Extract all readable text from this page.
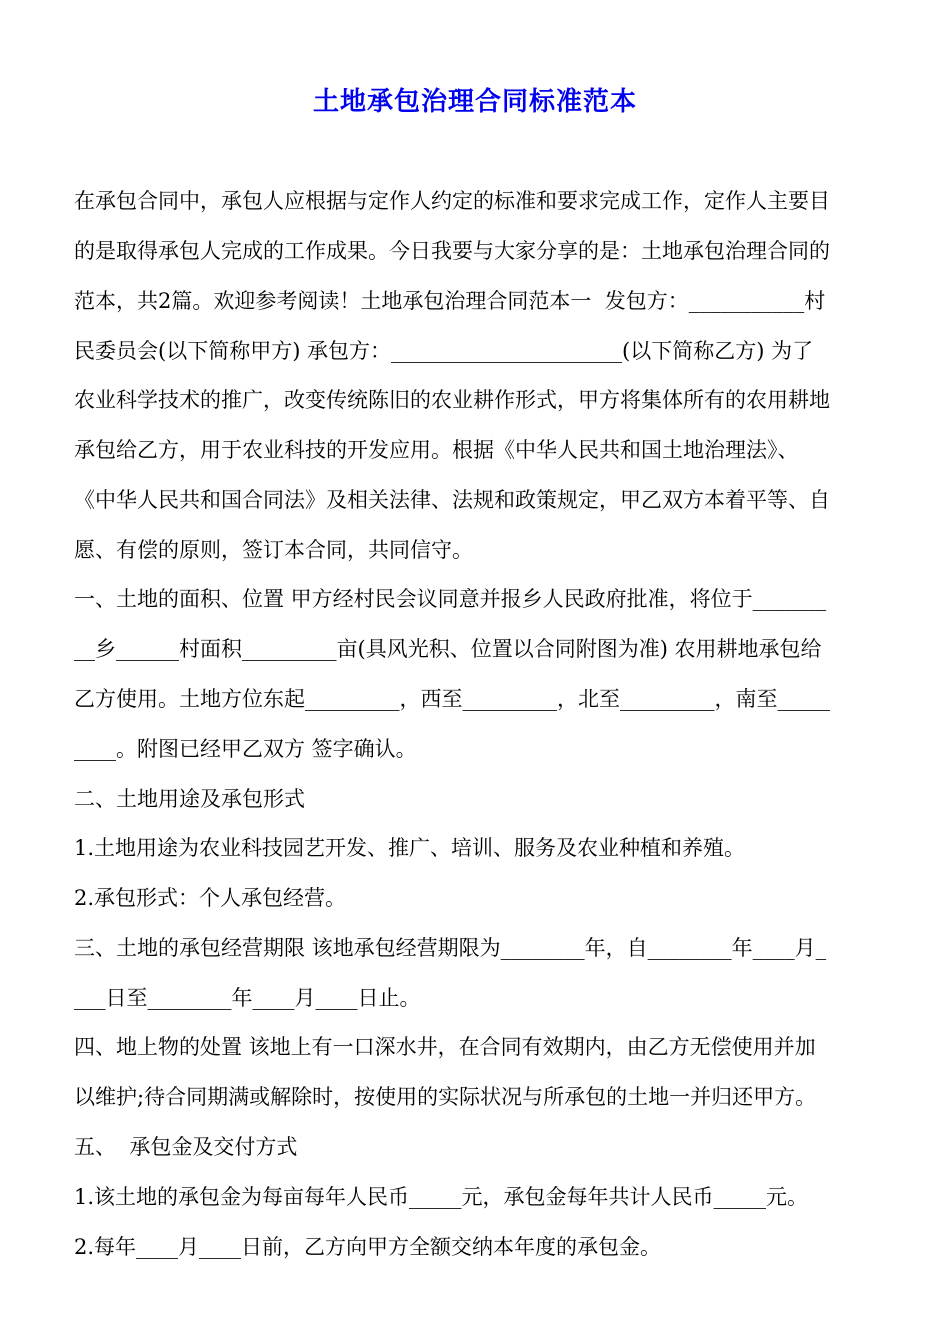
土地承包治理合同标准范本
在承包合同中，承包人应根据与定作人约定的标准和要求完成工作，定作人主要目
的是取得承包人完成的工作成果。今日我要与大家分享的是：土地承包治理合同的
范本，共2篇。欢迎参考阅读！土地承包治理合同范本一  发包方：___________村
民委员会(以下简称甲方) 承包方：______________________(以下简称乙方) 为了
农业科学技术的推广，改变传统陈旧的农业耕作形式，甲方将集体所有的农用耕地
承包给乙方，用于农业科技的开发应用。根据《中华人民共和国土地治理法》、
《中华人民共和国合同法》及相关法律、法规和政策规定，甲乙双方本着平等、自
愿、有偿的原则，签订本合同，共同信守。
一、土地的面积、位置 甲方经村民会议同意并报乡人民政府批准，将位于_______
__乡______村面积_________亩(具风光积、位置以合同附图为准) 农用耕地承包给
乙方使用。土地方位东起_________，西至_________，北至_________，南至_____
____。附图已经甲乙双方 签字确认。
二、土地用途及承包形式
1.土地用途为农业科技园艺开发、推广、培训、服务及农业种植和养殖。
2.承包形式：个人承包经营。
三、土地的承包经营期限 该地承包经营期限为________年，自________年____月_
___日至________年____月____日止。
四、地上物的处置 该地上有一口深水井，在合同有效期内，由乙方无偿使用并加
以维护;待合同期满或解除时，按使用的实际状况与所承包的土地一并归还甲方。
五、  承包金及交付方式
1.该土地的承包金为每亩每年人民币_____元，承包金每年共计人民币_____元。
2.每年____月____日前，乙方向甲方全额交纳本年度的承包金。
